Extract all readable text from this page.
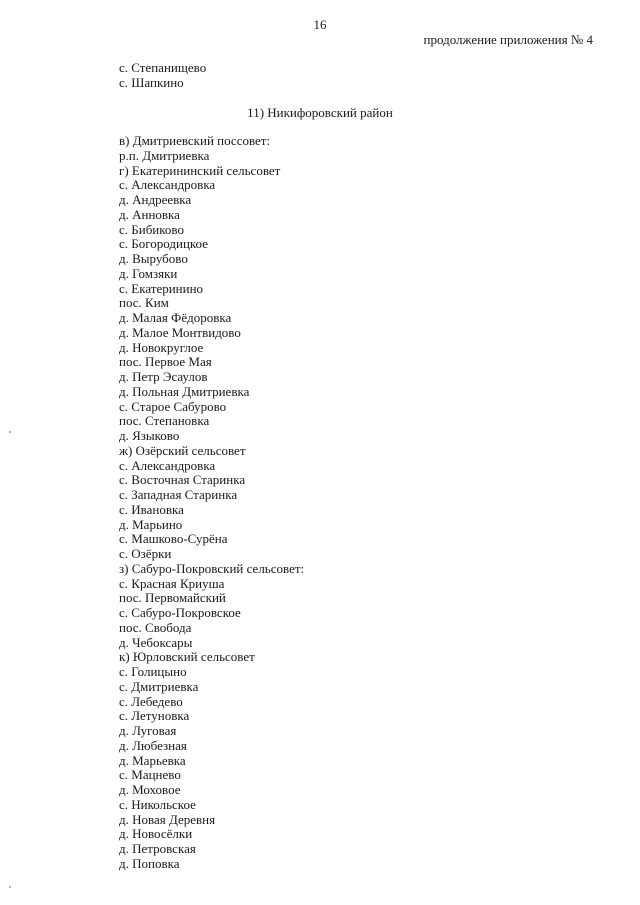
16
продолжение приложения № 4
с. Степанищево
с. Шапкино
11) Никифоровский район
в) Дмитриевский поссовет:
р.п. Дмитриевка
г) Екатерининский сельсовет
с. Александровка
д. Андреевка
д. Анновка
с. Бибиково
с. Богородицкое
д. Вырубово
д. Гомзяки
с. Екатеринино
пос. Ким
д. Малая Фёдоровка
д. Малое Монтвидово
д. Новокруглое
пос. Первое Мая
д. Петр Эсаулов
д. Польная Дмитриевка
с. Старое Сабурово
пос. Степановка
д. Языково
ж) Озёрский сельсовет
с. Александровка
с. Восточная Старинка
с. Западная Старинка
с. Ивановка
д. Марьино
с. Машково-Сурёна
с. Озёрки
з) Сабуро-Покровский сельсовет:
с. Красная Криуша
пос. Первомайский
с. Сабуро-Покровское
пос. Свобода
д. Чебоксары
к) Юрловский сельсовет
с. Голицыно
с. Дмитриевка
с. Лебедево
с. Летуновка
д. Луговая
д. Любезная
д. Марьевка
с. Мацнево
д. Моховое
с. Никольское
д. Новая Деревня
д. Новосёлки
д. Петровская
д. Поповка
